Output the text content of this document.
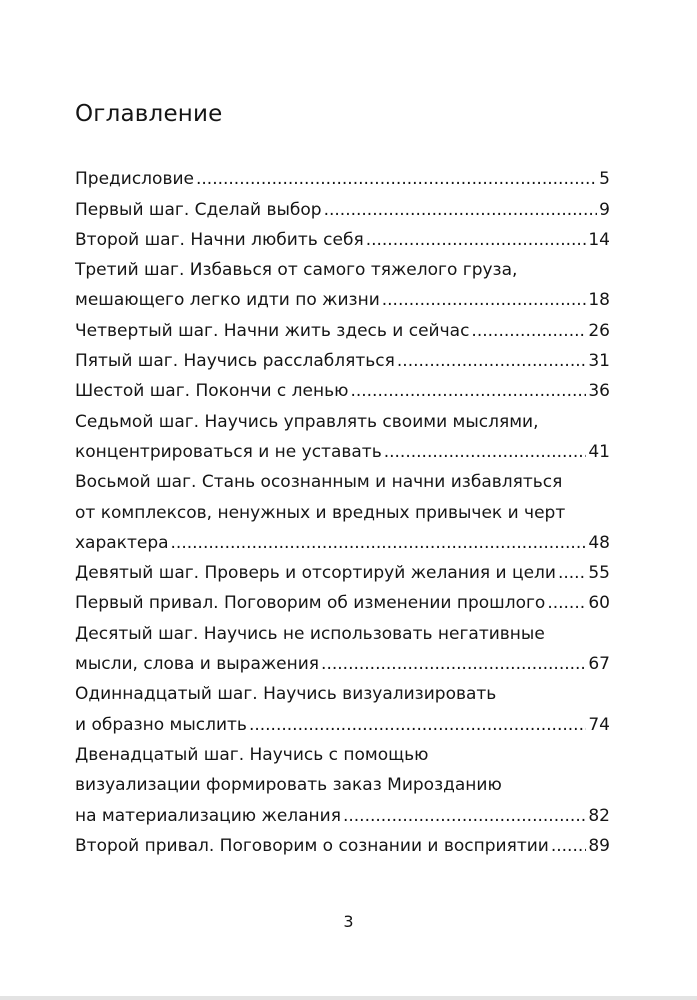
Оглавление
Предисловие .....	5
Первый шаг. Сделай выбор .....	9
Второй шаг. Начни любить себя .....	14
Третий шаг. Избавься от самого тяжелого груза,
мешающего легко идти по жизни .....	18
Четвертый шаг. Начни жить здесь и сейчас .....	26
Пятый шаг. Научись расслабляться .....	31
Шестой шаг. Покончи с ленью .....	36
Седьмой шаг. Научись управлять своими мыслями,
концентрироваться и не уставать .....	41
Восьмой шаг. Стань осознанным и начни избавляться
от комплексов, ненужных и вредных привычек и черт
характера .....	48
Девятый шаг. Проверь и отсортируй желания и цели ..... 55
Первый привал. Поговорим об изменении прошлого .....	60
Десятый шаг. Научись не использовать негативные
мысли, слова и выражения .....	67
Одиннадцатый шаг. Научись визуализировать
и образно мыслить .....	74
Двенадцатый шаг. Научись с помощью
визуализации формировать заказ Мирозданию
на материализацию желания .....	82
Второй привал. Поговорим о сознании и восприятии ..... 89
3
